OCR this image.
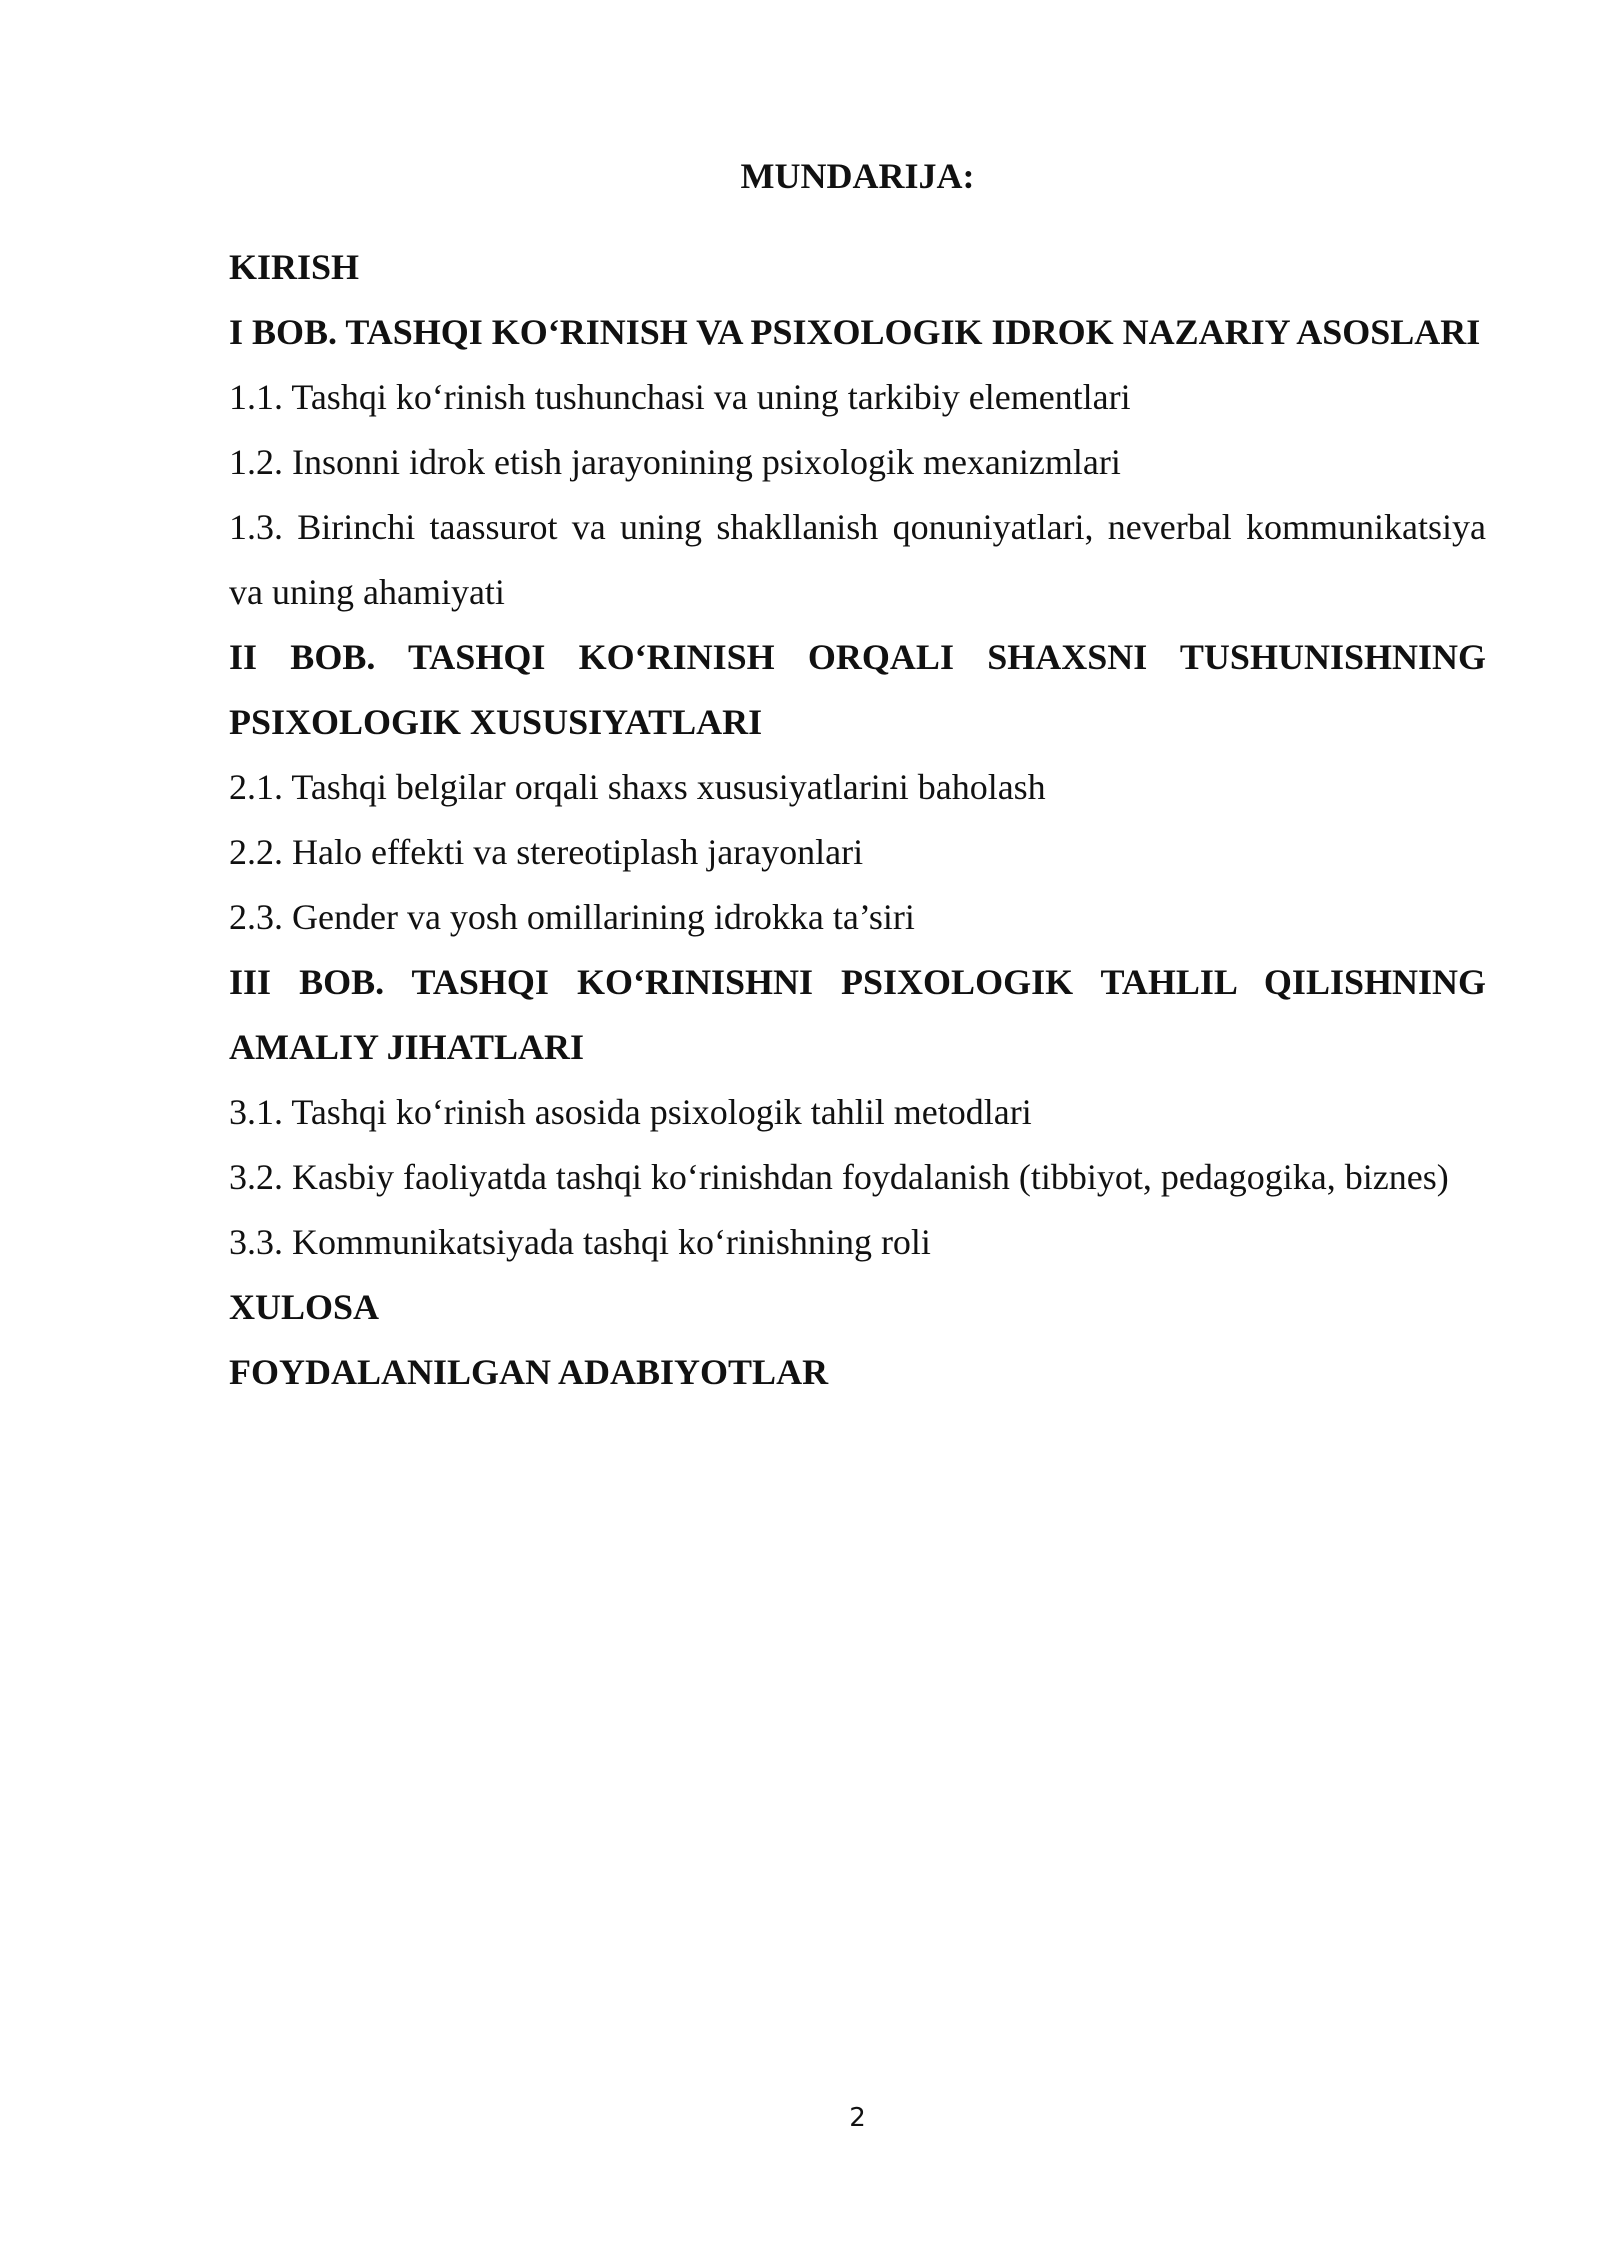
MUNDARIJA:

KIRISH

I BOB. TASHQI KO‘RINISH VA PSIXOLOGIK IDROK NAZARIY ASOSLARI

1.1. Tashqi ko‘rinish tushunchasi va uning tarkibiy elementlari

1.2. Insonni idrok etish jarayonining psixologik mexanizmlari

1.3. Birinchi taassurot va uning shakllanish qonuniyatlari, neverbal kommunikatsiya va uning ahamiyati

II BOB. TASHQI KO‘RINISH ORQALI SHAXSNI TUSHUNISHNING PSIXOLOGIK XUSUSIYATLARI

2.1. Tashqi belgilar orqali shaxs xususiyatlarini baholash

2.2. Halo effekti va stereotiplash jarayonlari

2.3. Gender va yosh omillarining idrokka ta’siri

III BOB. TASHQI KO‘RINISHNI PSIXOLOGIK TAHLIL QILISHNING AMALIY JIHATLARI

3.1. Tashqi ko‘rinish asosida psixologik tahlil metodlari

3.2. Kasbiy faoliyatda tashqi ko‘rinishdan foydalanish (tibbiyot, pedagogika, biznes)

3.3. Kommunikatsiyada tashqi ko‘rinishning roli

XULOSA

FOYDALANILGAN ADABIYOTLAR

2
